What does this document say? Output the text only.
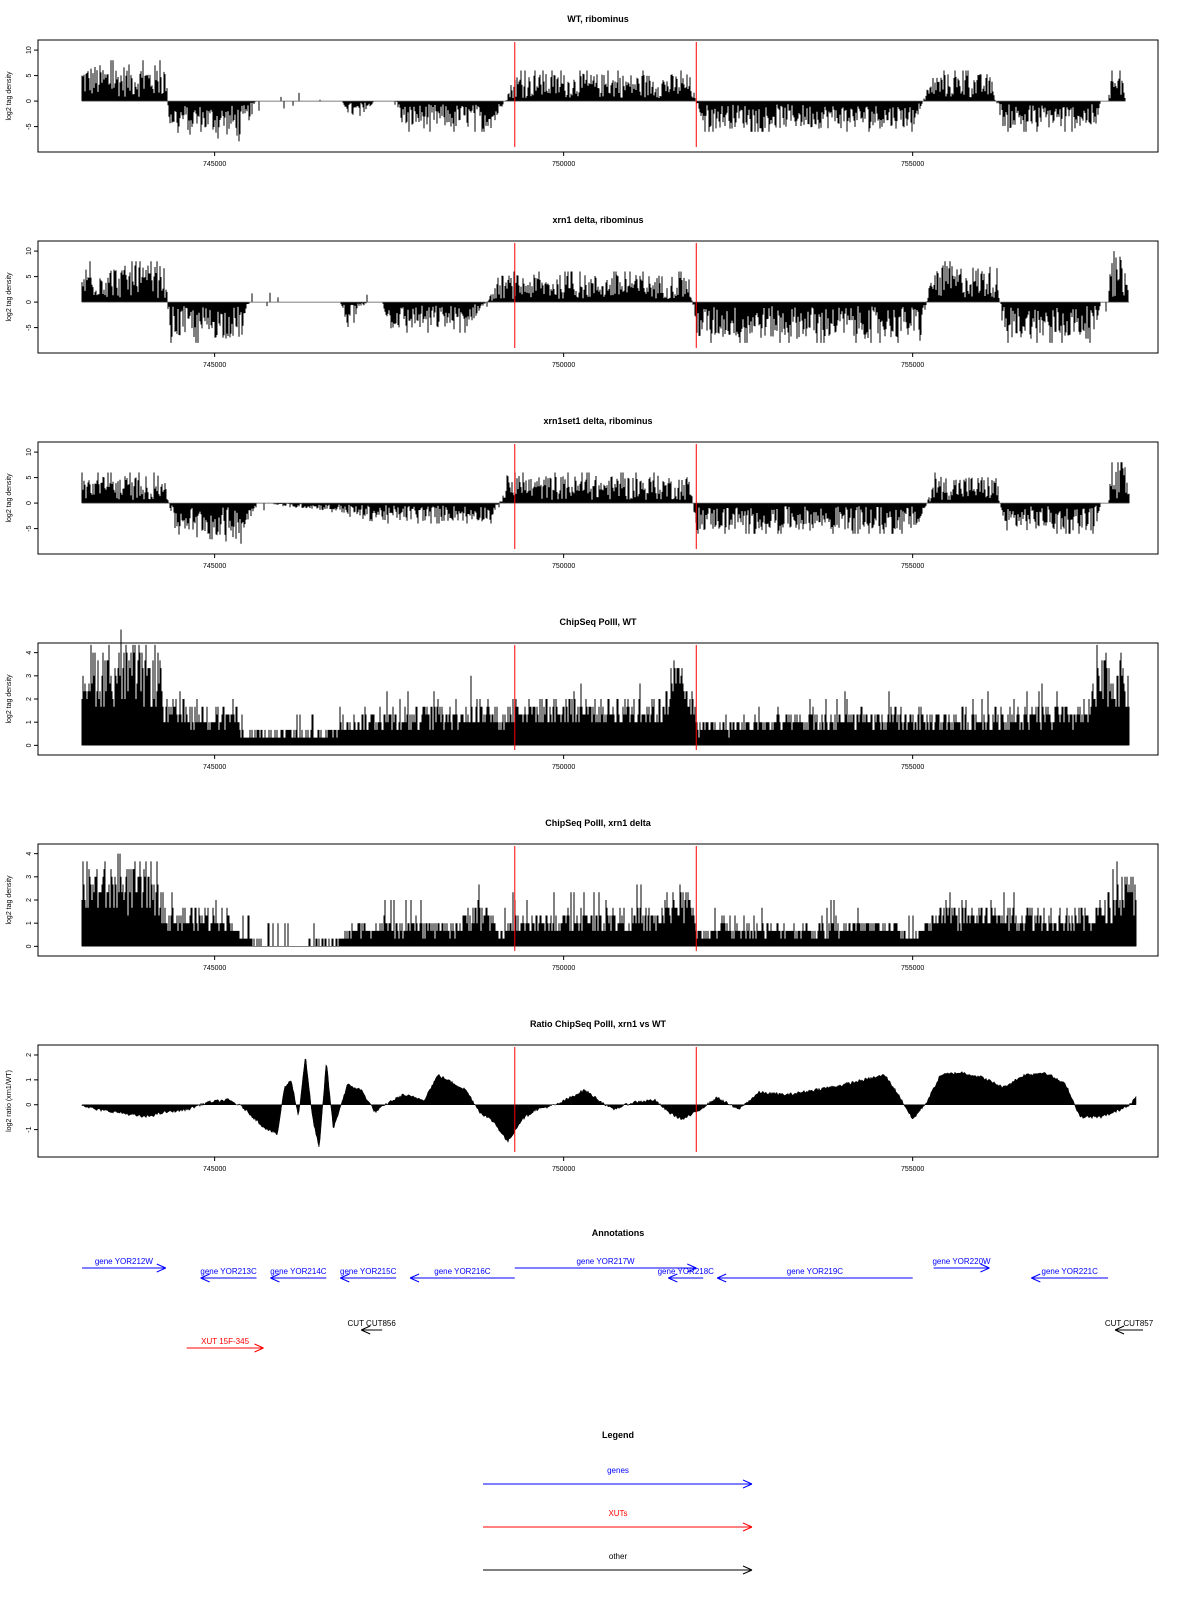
WT, ribominus
log2 tag density
-5
0
5
10
745000	750000	755000
xrn1 delta, ribominus
log2 tag density
-5
0
5
10
745000	750000	755000
xrn1set1 delta, ribominus
log2 tag density
-5
0
5
10
745000	750000	755000
ChipSeq PolII, WT
log2 tag density
0
1
2
3
4
745000	750000	755000
ChipSeq PolII, xrn1 delta
log2 tag density
0
1
2
3
4
745000	750000	755000
Ratio ChipSeq PolII, xrn1 vs WT
log2 ratio (xrn1/WT) -1
0
1
2
745000	750000	755000
Annotations
gene YOR212W
gene YOR213C gene YOR214C gene YOR215C	gene YOR216C
gene YOR217W
gene YOR218C	gene YOR219C
gene YOR220W
gene YOR221C
CUT CUT856	CUT CUT857
XUT 15F-345
Legend
genes
XUTs
other
